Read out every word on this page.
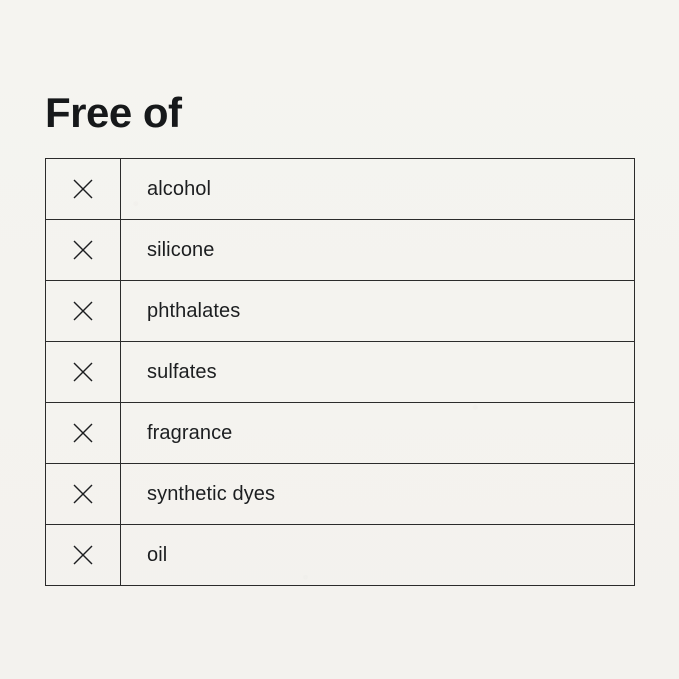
Free of
alcohol
silicone
phthalates
sulfates
fragrance
synthetic dyes
oil
